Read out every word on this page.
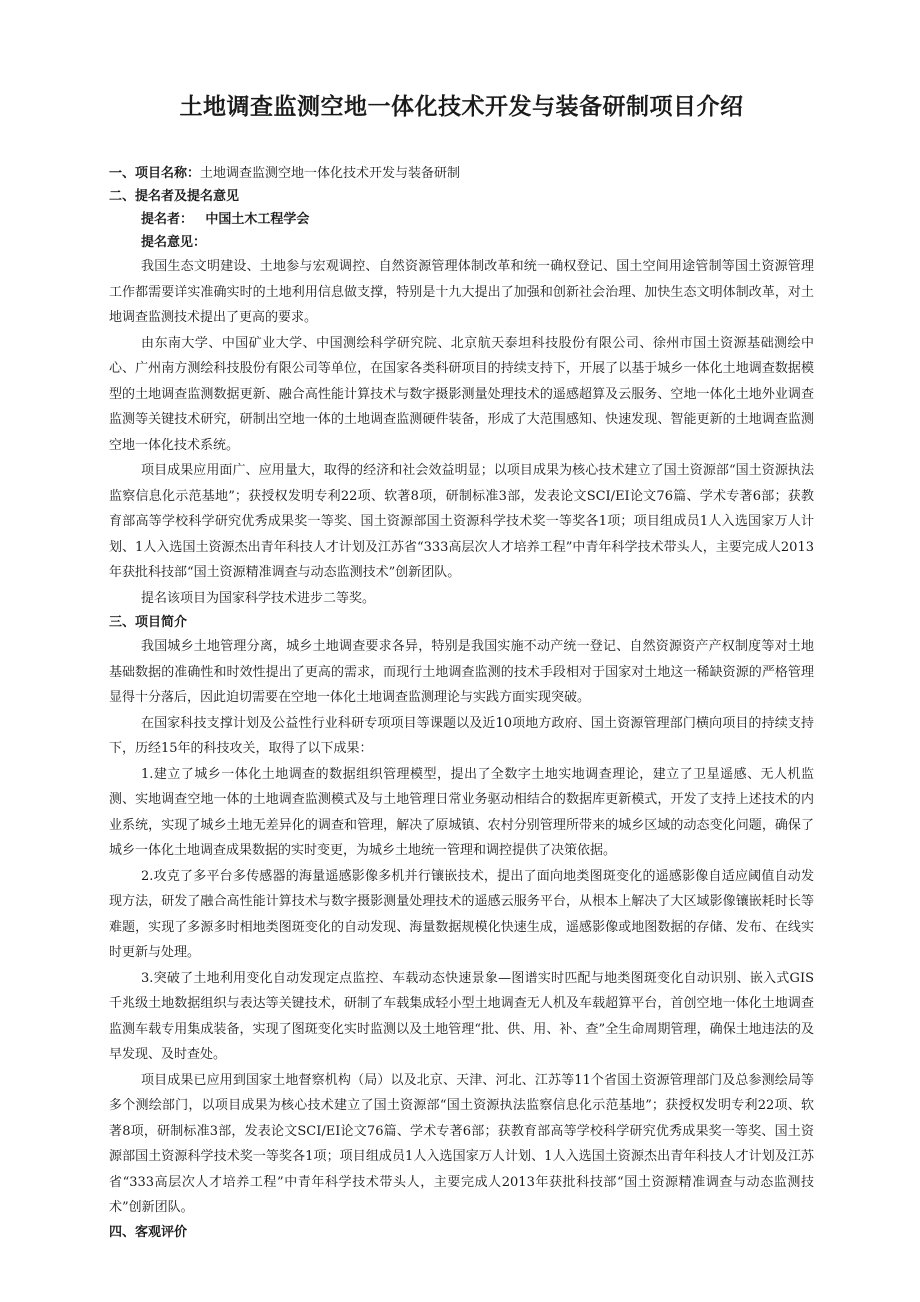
土地调查监测空地一体化技术开发与装备研制项目介绍
一、项目名称：土地调查监测空地一体化技术开发与装备研制
二、提名者及提名意见
提名者： 中国土木工程学会
提名意见：

我国生态文明建设、土地参与宏观调控、自然资源管理体制改革和统一确权登记、国土空间用途管制等国土资源管理工作都需要详实准确实时的土地利用信息做支撑，特别是十九大提出了加强和创新社会治理、加快生态文明体制改革，对土地调查监测技术提出了更高的要求。

由东南大学、中国矿业大学、中国测绘科学研究院、北京航天泰坦科技股份有限公司、徐州市国土资源基础测绘中心、广州南方测绘科技股份有限公司等单位，在国家各类科研项目的持续支持下，开展了以基于城乡一体化土地调查数据模型的土地调查监测数据更新、融合高性能计算技术与数字摄影测量处理技术的遥感超算及云服务、空地一体化土地外业调查监测等关键技术研究，研制出空地一体的土地调查监测硬件装备，形成了大范围感知、快速发现、智能更新的土地调查监测空地一体化技术系统。

项目成果应用面广、应用量大，取得的经济和社会效益明显；以项目成果为核心技术建立了国土资源部“国土资源执法监察信息化示范基地”；获授权发明专利22项、软著8项，研制标准3部，发表论文SCI/EI论文76篇、学术专著6部；获教育部高等学校科学研究优秀成果奖一等奖、国土资源部国土资源科学技术奖一等奖各1项；项目组成员1人入选国家万人计划、1人入选国土资源杰出青年科技人才计划及江苏省“333高层次人才培养工程”中青年科学技术带头人，主要完成人2013年获批科技部“国土资源精准调查与动态监测技术”创新团队。

提名该项目为国家科学技术进步二等奖。

三、项目简介

我国城乡土地管理分离，城乡土地调查要求各异，特别是我国实施不动产统一登记、自然资源资产产权制度等对土地基础数据的准确性和时效性提出了更高的需求，而现行土地调查监测的技术手段相对于国家对土地这一稀缺资源的严格管理显得十分落后，因此迫切需要在空地一体化土地调查监测理论与实践方面实现突破。

在国家科技支撑计划及公益性行业科研专项项目等课题以及近10项地方政府、国土资源管理部门横向项目的持续支持下，历经15年的科技攻关，取得了以下成果：

1.建立了城乡一体化土地调查的数据组织管理模型，提出了全数字土地实地调查理论，建立了卫星遥感、无人机监测、实地调查空地一体的土地调查监测模式及与土地管理日常业务驱动相结合的数据库更新模式，开发了支持上述技术的内业系统，实现了城乡土地无差异化的调查和管理，解决了原城镇、农村分别管理所带来的城乡区域的动态变化问题，确保了城乡一体化土地调查成果数据的实时变更，为城乡土地统一管理和调控提供了决策依据。

2.攻克了多平台多传感器的海量遥感影像多机并行镶嵌技术，提出了面向地类图斑变化的遥感影像自适应阈值自动发现方法，研发了融合高性能计算技术与数字摄影测量处理技术的遥感云服务平台，从根本上解决了大区域影像镶嵌耗时长等难题，实现了多源多时相地类图斑变化的自动发现、海量数据规模化快速生成，遥感影像或地图数据的存储、发布、在线实时更新与处理。

3.突破了土地利用变化自动发现定点监控、车载动态快速景象—图谱实时匹配与地类图斑变化自动识别、嵌入式GIS千兆级土地数据组织与表达等关键技术，研制了车载集成轻小型土地调查无人机及车载超算平台，首创空地一体化土地调查监测车载专用集成装备，实现了图斑变化实时监测以及土地管理“批、供、用、补、查”全生命周期管理，确保土地违法的及早发现、及时查处。

项目成果已应用到国家土地督察机构（局）以及北京、天津、河北、江苏等11个省国土资源管理部门及总参测绘局等多个测绘部门，以项目成果为核心技术建立了国土资源部“国土资源执法监察信息化示范基地”；获授权发明专利22项、软著8项，研制标准3部，发表论文SCI/EI论文76篇、学术专著6部；获教育部高等学校科学研究优秀成果奖一等奖、国土资源部国土资源科学技术奖一等奖各1项；项目组成员1人入选国家万人计划、1人入选国土资源杰出青年科技人才计划及江苏省“333高层次人才培养工程”中青年科学技术带头人，主要完成人2013年获批科技部“国土资源精准调查与动态监测技术”创新团队。

四、客观评价
